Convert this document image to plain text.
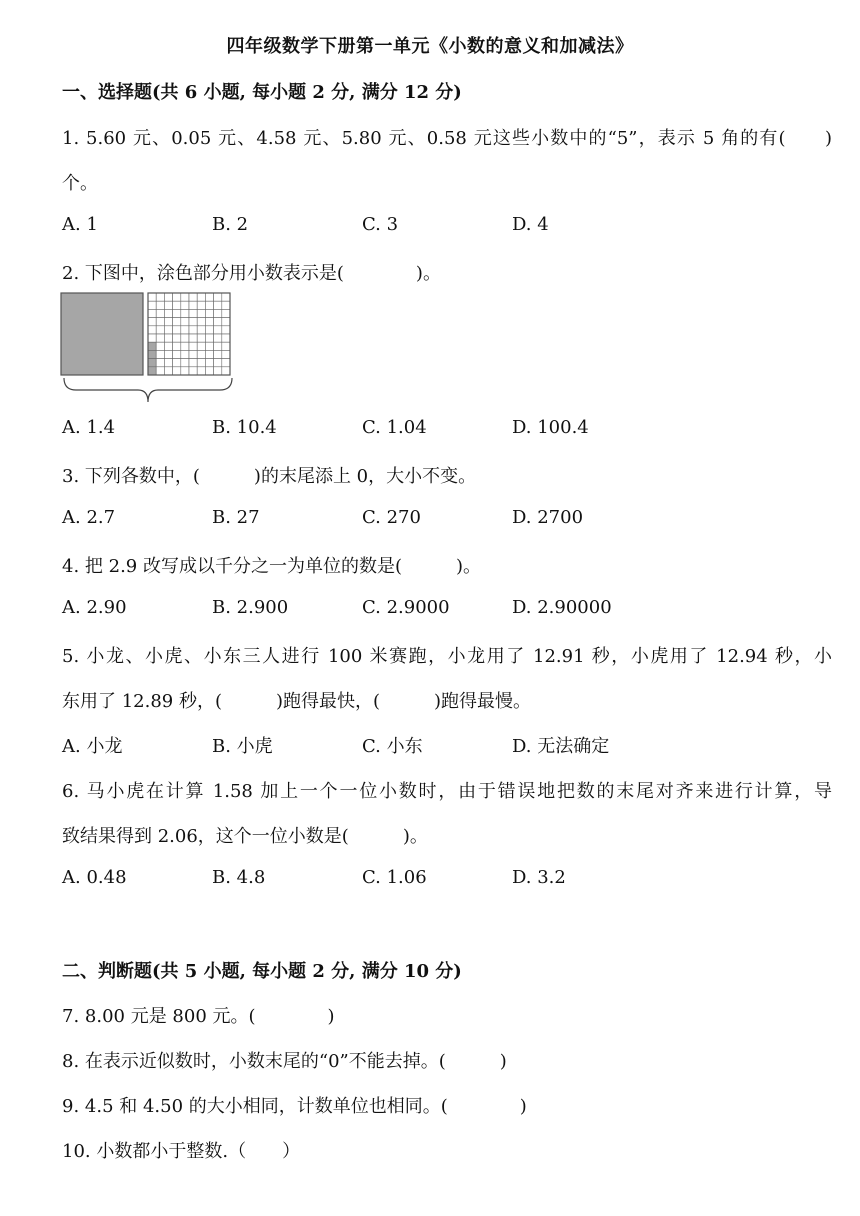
四年级数学下册第一单元《小数的意义和加减法》
一、选择题(共 6 小题, 每小题 2 分, 满分 12 分)
1. 5.60 元、0.05 元、4.58 元、5.80 元、0.58 元这些小数中的“5”，表示 5 角的有(　　)
个。
A. 1	B. 2	C. 3	D. 4
2. 下图中，涂色部分用小数表示是(　　　　)。
A. 1.4	B. 10.4	C. 1.04	D. 100.4
3. 下列各数中，(　　　)的末尾添上 0，大小不变。
A. 2.7	B. 27	C. 270	D. 2700
4. 把 2.9 改写成以千分之一为单位的数是(　　　)。
A. 2.90	B. 2.900	C. 2.9000	D. 2.90000
5. 小龙、小虎、小东三人进行 100 米赛跑，小龙用了 12.91 秒，小虎用了 12.94 秒，小
东用了 12.89 秒，(　　　)跑得最快，(　　　)跑得最慢。
A. 小龙	B. 小虎	C. 小东	D. 无法确定
6. 马小虎在计算 1.58 加上一个一位小数时，由于错误地把数的末尾对齐来进行计算，导
致结果得到 2.06，这个一位小数是(　　　)。
A. 0.48	B. 4.8	C. 1.06	D. 3.2
二、判断题(共 5 小题, 每小题 2 分, 满分 10 分)
7. 8.00 元是 800 元。(　　　　)
8. 在表示近似数时，小数末尾的“0”不能去掉。(　　　)
9. 4.5 和 4.50 的大小相同，计数单位也相同。(　　　　)
10. 小数都小于整数.（　　）
